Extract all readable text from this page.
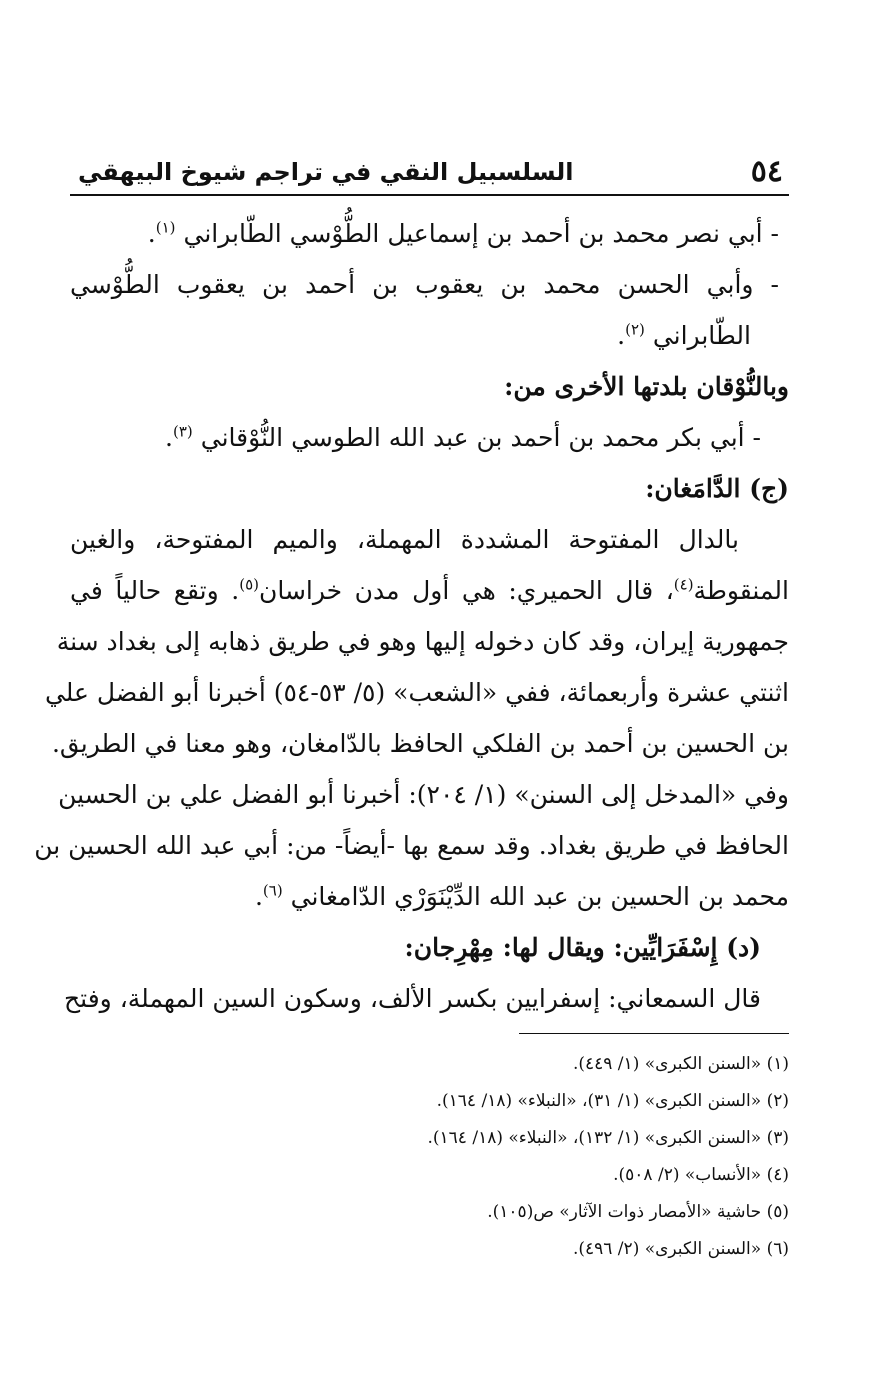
٥٤
السلسبيل النقي في تراجم شيوخ البيهقي
- أبي نصر محمد بن أحمد بن إسماعيل الطُّوْسي الطّابراني $^{(١)}$.
- وأبي الحسن محمد بن يعقوب بن أحمد بن يعقوب الطُّوْسي
الطّابراني $^{(٢)}$.
وبالنُّوْقان بلدتها الأخرى من:
- أبي بكر محمد بن أحمد بن عبد الله الطوسي النُّوْقاني $^{(٣)}$.
(ج) الدَّامَغان:
بالدال المفتوحة المشددة المهملة، والميم المفتوحة، والغين
المنقوطة$^{(٤)}$، قال الحميري: هي أول مدن خراسان$^{(٥)}$. وتقع حالياً في
جمهورية إيران، وقد كان دخوله إليها وهو في طريق ذهابه إلى بغداد سنة
اثنتي عشرة وأربعمائة، ففي «الشعب» (٥/ ٥٣-٥٤) أخبرنا أبو الفضل علي
بن الحسين بن أحمد بن الفلكي الحافظ بالدّامغان، وهو معنا في الطريق.
وفي «المدخل إلى السنن» (١/ ٢٠٤): أخبرنا أبو الفضل علي بن الحسين
الحافظ في طريق بغداد. وقد سمع بها -أيضاً- من: أبي عبد الله الحسين بن
محمد بن الحسين بن عبد الله الدِّيْنَوَرْي الدّامغاني $^{(٦)}$.
(د) إِسْفَرَايِّين: ويقال لها: مِهْرِجان:
قال السمعاني: إسفرايين بكسر الألف، وسكون السين المهملة، وفتح
(١) «السنن الكبرى» (١/ ٤٤٩).
(٢) «السنن الكبرى» (١/ ٣١)، «النبلاء» (١٨/ ١٦٤).
(٣) «السنن الكبرى» (١/ ١٣٢)، «النبلاء» (١٨/ ١٦٤).
(٤) «الأنساب» (٢/ ٥٠٨).
(٥) حاشية «الأمصار ذوات الآثار» ص(١٠٥).
(٦) «السنن الكبرى» (٢/ ٤٩٦).
